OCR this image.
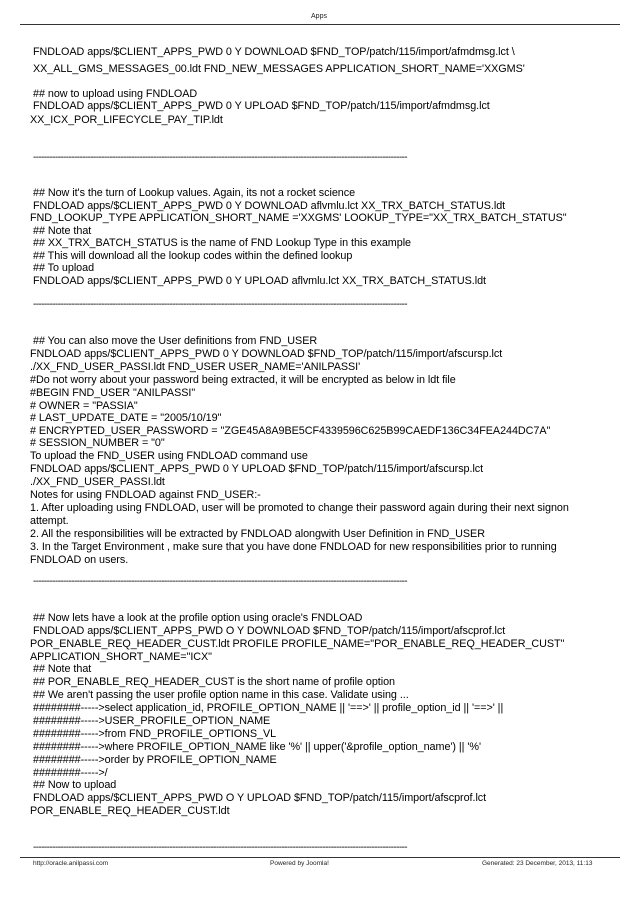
Apps
FNDLOAD apps/$CLIENT_APPS_PWD 0 Y DOWNLOAD $FND_TOP/patch/115/import/afmdmsg.lct \
XX_ALL_GMS_MESSAGES_00.ldt FND_NEW_MESSAGES APPLICATION_SHORT_NAME='XXGMS'
## now to upload using FNDLOAD
FNDLOAD apps/$CLIENT_APPS_PWD 0 Y UPLOAD $FND_TOP/patch/115/import/afmdmsg.lct
XX_ICX_POR_LIFECYCLE_PAY_TIP.ldt
-----------------------------------------------------------------------------------------------------------------------------------------
## Now it's the turn of Lookup values. Again, its not a rocket science
FNDLOAD apps/$CLIENT_APPS_PWD 0 Y DOWNLOAD aflvmlu.lct XX_TRX_BATCH_STATUS.ldt
FND_LOOKUP_TYPE APPLICATION_SHORT_NAME ='XXGMS' LOOKUP_TYPE="XX_TRX_BATCH_STATUS"
## Note that
## XX_TRX_BATCH_STATUS is the name of FND Lookup Type in this example
## This will download all the lookup codes within the defined lookup
## To upload
FNDLOAD apps/$CLIENT_APPS_PWD 0 Y UPLOAD aflvmlu.lct XX_TRX_BATCH_STATUS.ldt
-----------------------------------------------------------------------------------------------------------------------------------------
## You can also move the User definitions from FND_USER
FNDLOAD apps/$CLIENT_APPS_PWD 0 Y DOWNLOAD $FND_TOP/patch/115/import/afscursp.lct
./XX_FND_USER_PASSI.ldt FND_USER USER_NAME='ANILPASSI'
#Do not worry about your password being extracted, it will be encrypted as below in ldt file
#BEGIN FND_USER "ANILPASSI"
# OWNER = "PASSIA"
# LAST_UPDATE_DATE = "2005/10/19"
# ENCRYPTED_USER_PASSWORD = "ZGE45A8A9BE5CF4339596C625B99CAEDF136C34FEA244DC7A"
# SESSION_NUMBER = "0"
To upload the FND_USER using FNDLOAD command use
FNDLOAD apps/$CLIENT_APPS_PWD 0 Y UPLOAD $FND_TOP/patch/115/import/afscursp.lct
./XX_FND_USER_PASSI.ldt
Notes for using FNDLOAD against FND_USER:-
1. After uploading using FNDLOAD, user will be promoted to change their password again during their next signon
attempt.
2. All the responsibilities will be extracted by FNDLOAD alongwith User Definition in FND_USER
3. In the Target Environment , make sure that you have done FNDLOAD for new responsibilities prior to running
FNDLOAD on users.
-----------------------------------------------------------------------------------------------------------------------------------------
## Now lets have a look at the profile option using oracle's FNDLOAD
FNDLOAD apps/$CLIENT_APPS_PWD O Y DOWNLOAD $FND_TOP/patch/115/import/afscprof.lct
POR_ENABLE_REQ_HEADER_CUST.ldt PROFILE PROFILE_NAME="POR_ENABLE_REQ_HEADER_CUST"
APPLICATION_SHORT_NAME="ICX"
## Note that
## POR_ENABLE_REQ_HEADER_CUST is the short name of profile option
## We aren't passing the user profile option name in this case. Validate using ...
########----->select application_id, PROFILE_OPTION_NAME || '==>' || profile_option_id || '==>' ||
########----->USER_PROFILE_OPTION_NAME
########----->from FND_PROFILE_OPTIONS_VL
########----->where PROFILE_OPTION_NAME like '%' || upper('&profile_option_name') || '%'
########----->order by PROFILE_OPTION_NAME
########----->/
## Now to upload
FNDLOAD apps/$CLIENT_APPS_PWD O Y UPLOAD $FND_TOP/patch/115/import/afscprof.lct
POR_ENABLE_REQ_HEADER_CUST.ldt
-----------------------------------------------------------------------------------------------------------------------------------------
http://oracle.anilpassi.com	Powered by Joomla!	Generated: 23 December, 2013, 11:13
